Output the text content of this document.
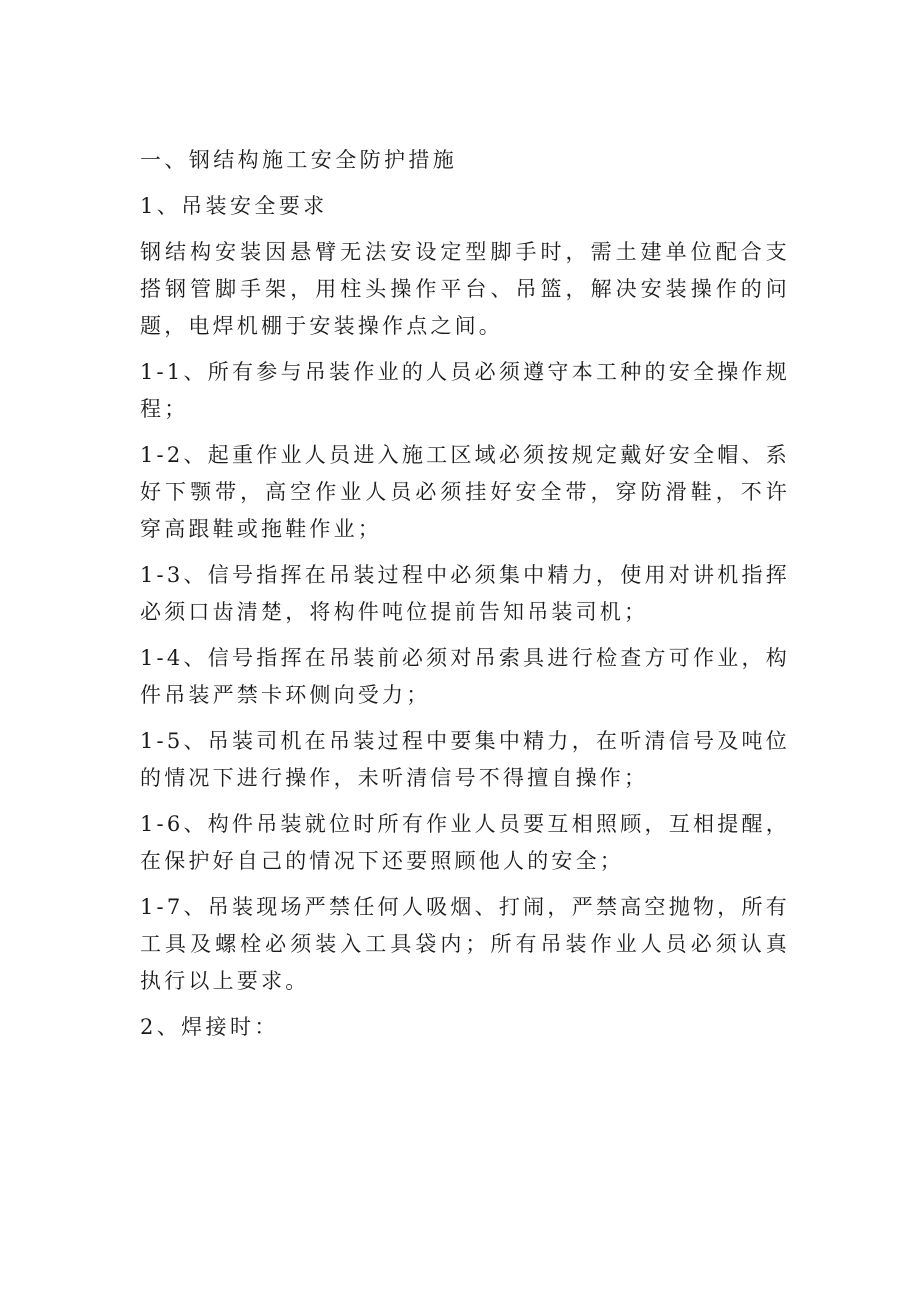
一、钢结构施工安全防护措施

1、吊装安全要求

钢结构安装因悬臂无法安设定型脚手时，需土建单位配合支搭钢管脚手架，用柱头操作平台、吊篮，解决安装操作的问题，电焊机棚于安装操作点之间。

1-1、所有参与吊装作业的人员必须遵守本工种的安全操作规程；

1-2、起重作业人员进入施工区域必须按规定戴好安全帽、系好下颚带，高空作业人员必须挂好安全带，穿防滑鞋，不许穿高跟鞋或拖鞋作业；

1-3、信号指挥在吊装过程中必须集中精力，使用对讲机指挥必须口齿清楚，将构件吨位提前告知吊装司机；

1-4、信号指挥在吊装前必须对吊索具进行检查方可作业，构件吊装严禁卡环侧向受力；

1-5、吊装司机在吊装过程中要集中精力，在听清信号及吨位的情况下进行操作，未听清信号不得擅自操作；

1-6、构件吊装就位时所有作业人员要互相照顾，互相提醒，在保护好自己的情况下还要照顾他人的安全；

1-7、吊装现场严禁任何人吸烟、打闹，严禁高空抛物，所有工具及螺栓必须装入工具袋内；所有吊装作业人员必须认真执行以上要求。

2、焊接时：
